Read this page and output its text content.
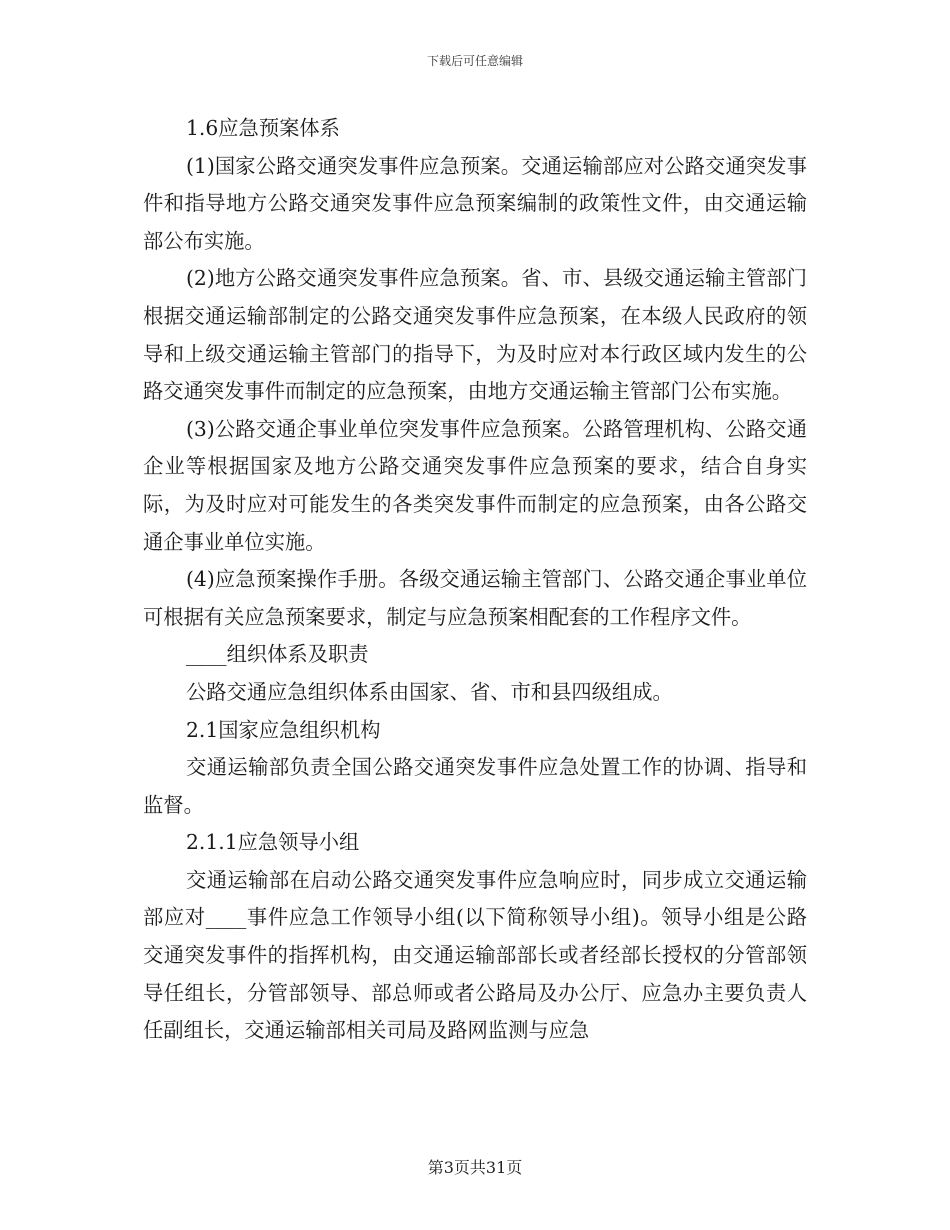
下载后可任意编辑

1.6应急预案体系

(1)国家公路交通突发事件应急预案。交通运输部应对公路交通突发事件和指导地方公路交通突发事件应急预案编制的政策性文件，由交通运输部公布实施。

(2)地方公路交通突发事件应急预案。省、市、县级交通运输主管部门根据交通运输部制定的公路交通突发事件应急预案，在本级人民政府的领导和上级交通运输主管部门的指导下，为及时应对本行政区域内发生的公路交通突发事件而制定的应急预案，由地方交通运输主管部门公布实施。

(3)公路交通企事业单位突发事件应急预案。公路管理机构、公路交通企业等根据国家及地方公路交通突发事件应急预案的要求，结合自身实际，为及时应对可能发生的各类突发事件而制定的应急预案，由各公路交通企事业单位实施。

(4)应急预案操作手册。各级交通运输主管部门、公路交通企事业单位可根据有关应急预案要求，制定与应急预案相配套的工作程序文件。

____组织体系及职责

公路交通应急组织体系由国家、省、市和县四级组成。

2.1国家应急组织机构

交通运输部负责全国公路交通突发事件应急处置工作的协调、指导和监督。

2.1.1应急领导小组

交通运输部在启动公路交通突发事件应急响应时，同步成立交通运输部应对____事件应急工作领导小组(以下简称领导小组)。领导小组是公路交通突发事件的指挥机构，由交通运输部部长或者经部长授权的分管部领导任组长，分管部领导、部总师或者公路局及办公厅、应急办主要负责人任副组长，交通运输部相关司局及路网监测与应急

第3页共31页
